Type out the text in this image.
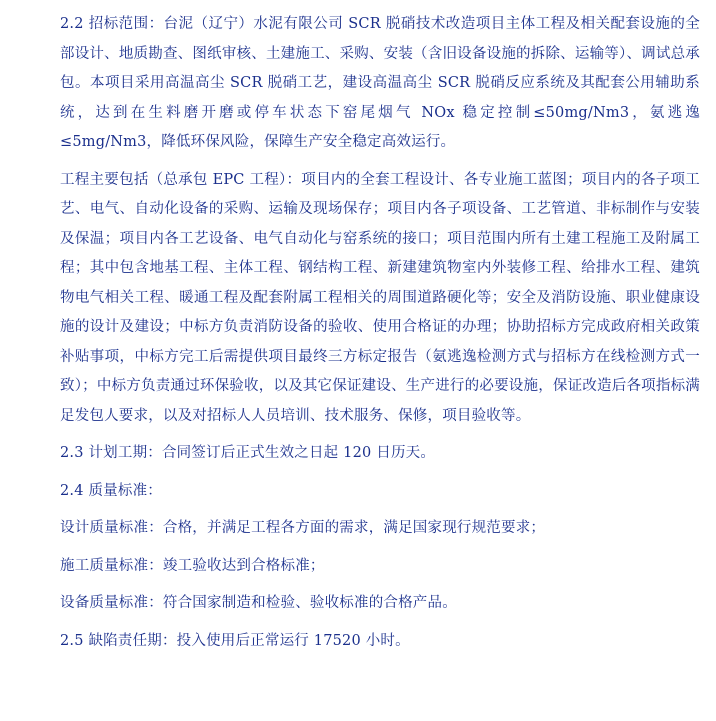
2.2 招标范围：台泥（辽宁）水泥有限公司 SCR 脱硝技术改造项目主体工程及相关配套设施的全部设计、地质勘查、图纸审核、土建施工、采购、安装（含旧设备设施的拆除、运输等）、调试总承包。本项目采用高温高尘 SCR 脱硝工艺，建设高温高尘 SCR 脱硝反应系统及其配套公用辅助系统，达到在生料磨开磨或停车状态下窑尾烟气 NOx 稳定控制≤50mg/Nm3，氨逃逸≤5mg/Nm3，降低环保风险，保障生产安全稳定高效运行。

工程主要包括（总承包 EPC 工程）：项目内的全套工程设计、各专业施工蓝图；项目内的各子项工艺、电气、自动化设备的采购、运输及现场保存；项目内各子项设备、工艺管道、非标制作与安装及保温；项目内各工艺设备、电气自动化与窑系统的接口；项目范围内所有土建工程施工及附属工程；其中包含地基工程、主体工程、钢结构工程、新建建筑物室内外装修工程、给排水工程、建筑物电气相关工程、暖通工程及配套附属工程相关的周围道路硬化等；安全及消防设施、职业健康设施的设计及建设；中标方负责消防设备的验收、使用合格证的办理；协助招标方完成政府相关政策补贴事项，中标方完工后需提供项目最终三方标定报告（氨逃逸检测方式与招标方在线检测方式一致）；中标方负责通过环保验收，以及其它保证建设、生产进行的必要设施，保证改造后各项指标满足发包人要求，以及对招标人人员培训、技术服务、保修，项目验收等。

2.3 计划工期：合同签订后正式生效之日起 120 日历天。

2.4 质量标准：

设计质量标准：合格，并满足工程各方面的需求，满足国家现行规范要求；

施工质量标准：竣工验收达到合格标准；

设备质量标准：符合国家制造和检验、验收标准的合格产品。

2.5 缺陷责任期：投入使用后正常运行 17520 小时。
